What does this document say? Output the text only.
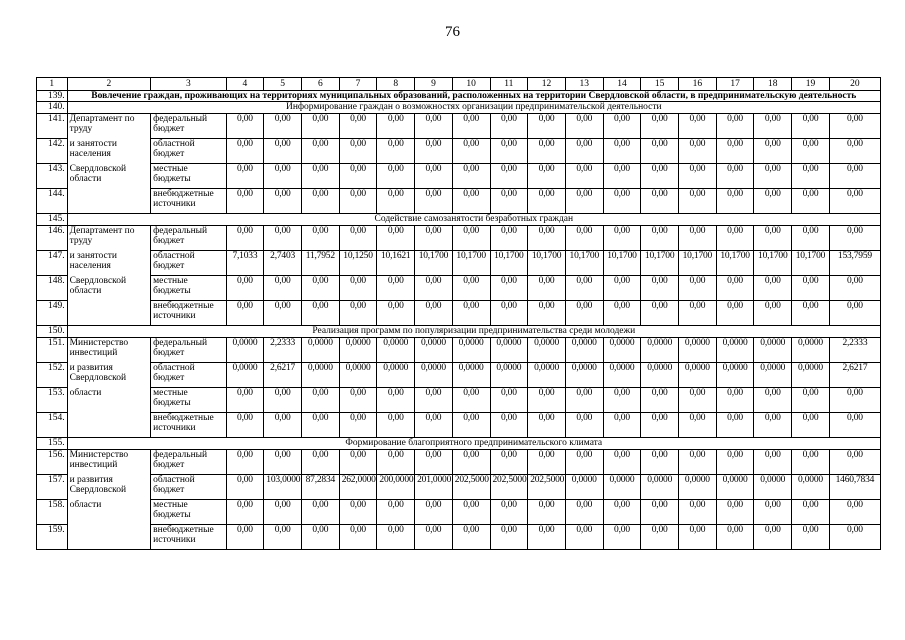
76
1	2	3	4	5	6	7	8	9	10	11	12	13	14	15	16	17	18	19	20
139.	Вовлечение граждан, проживающих на территориях муниципальных образований, расположенных на территории Свердловской области, в предпринимательскую деятельность																		
140.	Информирование граждан о возможностях организации предпринимательской деятельности																		
141.	Департамент по труду	федеральный бюджет	0,00	0,00	0,00	0,00	0,00	0,00	0,00	0,00	0,00	0,00	0,00	0,00	0,00	0,00	0,00	0,00	0,00
142.	и занятости населения	областной бюджет	0,00	0,00	0,00	0,00	0,00	0,00	0,00	0,00	0,00	0,00	0,00	0,00	0,00	0,00	0,00	0,00	0,00
143.	Свердловской области	местные бюджеты	0,00	0,00	0,00	0,00	0,00	0,00	0,00	0,00	0,00	0,00	0,00	0,00	0,00	0,00	0,00	0,00	0,00
144.		внебюджетные источники	0,00	0,00	0,00	0,00	0,00	0,00	0,00	0,00	0,00	0,00	0,00	0,00	0,00	0,00	0,00	0,00	0,00
145.	Содействие самозанятости безработных граждан																		
146.	Департамент по труду	федеральный бюджет	0,00	0,00	0,00	0,00	0,00	0,00	0,00	0,00	0,00	0,00	0,00	0,00	0,00	0,00	0,00	0,00	0,00
147.	и занятости населения	областной бюджет	7,1033	2,7403	11,7952	10,1250	10,1621	10,1700	10,1700	10,1700	10,1700	10,1700	10,1700	10,1700	10,1700	10,1700	10,1700	10,1700	153,7959
148.	Свердловской области	местные бюджеты	0,00	0,00	0,00	0,00	0,00	0,00	0,00	0,00	0,00	0,00	0,00	0,00	0,00	0,00	0,00	0,00	0,00
149.		внебюджетные источники	0,00	0,00	0,00	0,00	0,00	0,00	0,00	0,00	0,00	0,00	0,00	0,00	0,00	0,00	0,00	0,00	0,00
150.	Реализация программ по популяризации предпринимательства среди молодежи																		
151.	Министерство инвестиций	федеральный бюджет	0,0000	2,2333	0,0000	0,0000	0,0000	0,0000	0,0000	0,0000	0,0000	0,0000	0,0000	0,0000	0,0000	0,0000	0,0000	0,0000	2,2333
152.	и развития Свердловской	областной бюджет	0,0000	2,6217	0,0000	0,0000	0,0000	0,0000	0,0000	0,0000	0,0000	0,0000	0,0000	0,0000	0,0000	0,0000	0,0000	0,0000	2,6217
153.	области	местные бюджеты	0,00	0,00	0,00	0,00	0,00	0,00	0,00	0,00	0,00	0,00	0,00	0,00	0,00	0,00	0,00	0,00	0,00
154.		внебюджетные источники	0,00	0,00	0,00	0,00	0,00	0,00	0,00	0,00	0,00	0,00	0,00	0,00	0,00	0,00	0,00	0,00	0,00
155.	Формирование благоприятного предпринимательского климата																		
156.	Министерство инвестиций	федеральный бюджет	0,00	0,00	0,00	0,00	0,00	0,00	0,00	0,00	0,00	0,00	0,00	0,00	0,00	0,00	0,00	0,00	0,00
157.	и развития Свердловской	областной бюджет	0,00	103,0000	87,2834	262,0000	200,0000	201,0000	202,5000	202,5000	202,5000	0,0000	0,0000	0,0000	0,0000	0,0000	0,0000	0,0000	1460,7834
158.	области	местные бюджеты	0,00	0,00	0,00	0,00	0,00	0,00	0,00	0,00	0,00	0,00	0,00	0,00	0,00	0,00	0,00	0,00	0,00
159.		внебюджетные источники	0,00	0,00	0,00	0,00	0,00	0,00	0,00	0,00	0,00	0,00	0,00	0,00	0,00	0,00	0,00	0,00	0,00
